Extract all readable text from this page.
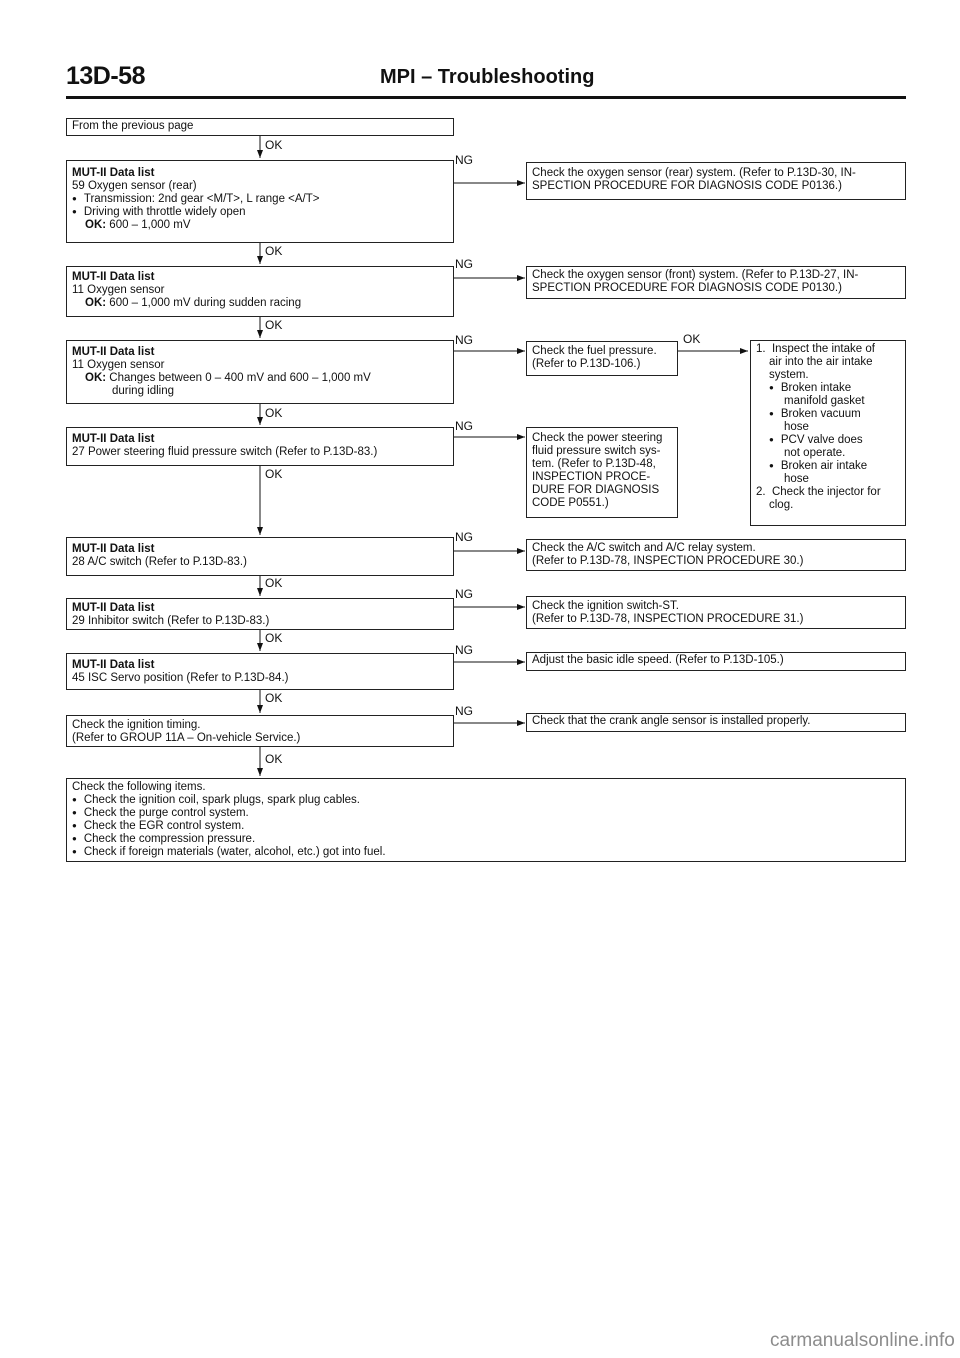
13D-58	MPI – Troubleshooting
OK
OK
OK
OK
OK
OK
OK
OK
OK
OK
NG
NG
NG
NG
NG
NG
NG
NG
From the previous page
MUT-II Data list
59 Oxygen sensor (rear)
● Transmission: 2nd gear <M/T>, L range <A/T>
● Driving with throttle widely open
OK: 600 – 1,000 mV
MUT-II Data list
11 Oxygen sensor
OK: 600 – 1,000 mV during sudden racing
MUT-II Data list
11 Oxygen sensor
OK: Changes between 0 – 400 mV and 600 – 1,000 mV
during idling
MUT-II Data list
27 Power steering fluid pressure switch (Refer to P.13D-83.)
MUT-II Data list
28 A/C switch (Refer to P.13D-83.)
MUT-II Data list
29 Inhibitor switch (Refer to P.13D-83.)
MUT-II Data list
45 ISC Servo position (Refer to P.13D-84.)
Check the ignition timing.
(Refer to GROUP 11A – On-vehicle Service.)
Check the following items.
● Check the ignition coil, spark plugs, spark plug cables.
● Check the purge control system.
● Check the EGR control system.
● Check the compression pressure.
● Check if foreign materials (water, alcohol, etc.) got into fuel.
Check the oxygen sensor (rear) system. (Refer to P.13D-30, IN-
SPECTION PROCEDURE FOR DIAGNOSIS CODE P0136.)
Check the oxygen sensor (front) system. (Refer to P.13D-27, IN-
SPECTION PROCEDURE FOR DIAGNOSIS CODE P0130.)
Check the fuel pressure.
(Refer to P.13D-106.)
Check the power steering
fluid pressure switch sys-
tem. (Refer to P.13D-48,
INSPECTION PROCE-
DURE FOR DIAGNOSIS
CODE P0551.)
1. Inspect the intake of
air into the air intake
system.
● Broken intake
manifold gasket
● Broken vacuum
hose
● PCV valve does
not operate.
● Broken air intake
hose
2. Check the injector for
clog.
Check the A/C switch and A/C relay system.
(Refer to P.13D-78, INSPECTION PROCEDURE 30.)
Check the ignition switch-ST.
(Refer to P.13D-78, INSPECTION PROCEDURE 31.)
Adjust the basic idle speed. (Refer to P.13D-105.)
Check that the crank angle sensor is installed properly.
carmanualsonline.info
